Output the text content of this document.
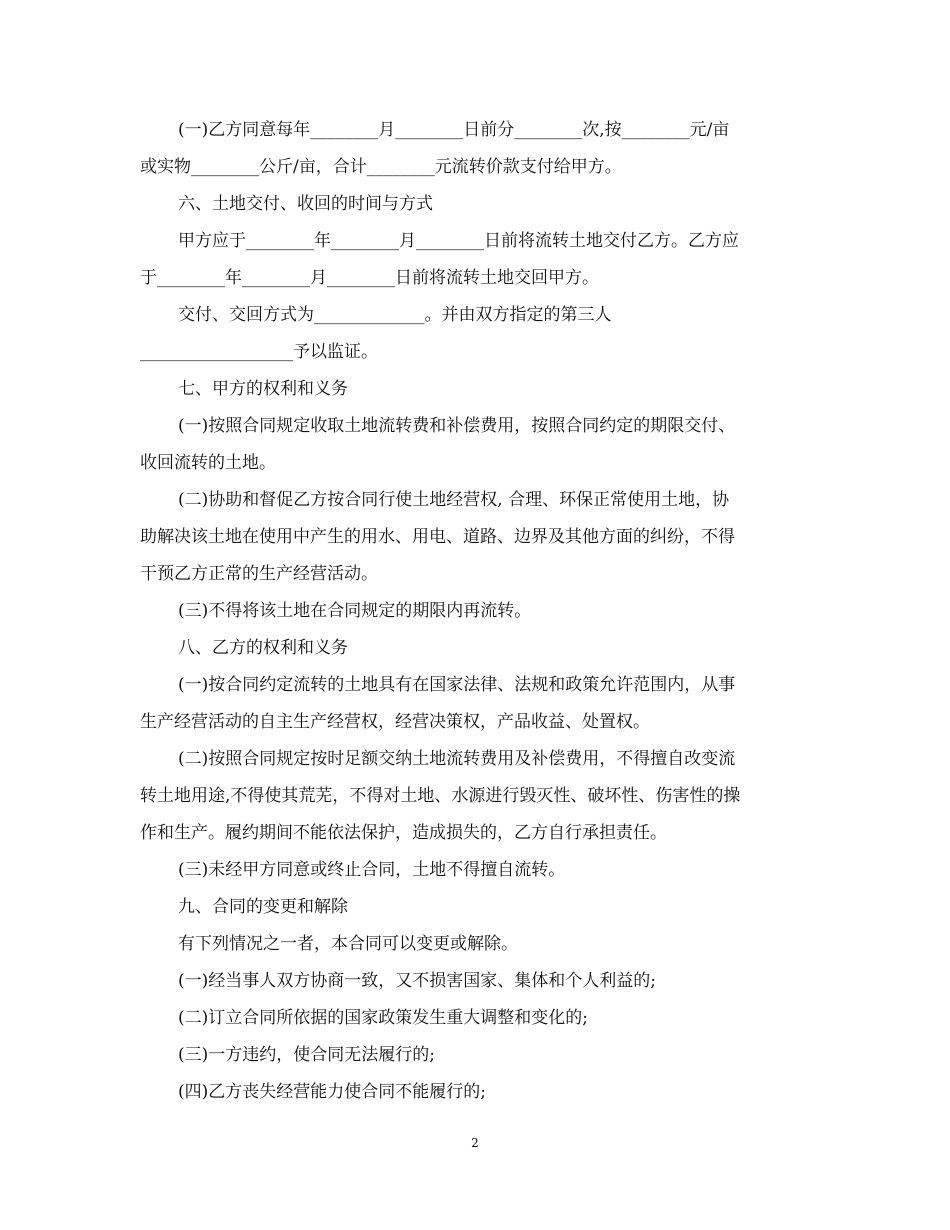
(一)乙方同意每年________月________日前分________次,按________元/亩
或实物________公斤/亩，合计________元流转价款支付给甲方。
六、土地交付、收回的时间与方式
甲方应于________年________月________日前将流转土地交付乙方。乙方应
于________年________月________日前将流转土地交回甲方。
交付、交回方式为_____________。并由双方指定的第三人
__________________予以监证。
七、甲方的权利和义务
(一)按照合同规定收取土地流转费和补偿费用，按照合同约定的期限交付、
收回流转的土地。
(二)协助和督促乙方按合同行使土地经营权, 合理、环保正常使用土地，协
助解决该土地在使用中产生的用水、用电、道路、边界及其他方面的纠纷，不得
干预乙方正常的生产经营活动。
(三)不得将该土地在合同规定的期限内再流转。
八、乙方的权利和义务
(一)按合同约定流转的土地具有在国家法律、法规和政策允许范围内，从事
生产经营活动的自主生产经营权，经营决策权，产品收益、处置权。
(二)按照合同规定按时足额交纳土地流转费用及补偿费用，不得擅自改变流
转土地用途,不得使其荒芜，不得对土地、水源进行毁灭性、破坏性、伤害性的操
作和生产。履约期间不能依法保护，造成损失的，乙方自行承担责任。
(三)未经甲方同意或终止合同，土地不得擅自流转。
九、合同的变更和解除
有下列情况之一者，本合同可以变更或解除。
(一)经当事人双方协商一致，又不损害国家、集体和个人利益的;
(二)订立合同所依据的国家政策发生重大调整和变化的;
(三)一方违约，使合同无法履行的;
(四)乙方丧失经营能力使合同不能履行的;
2
